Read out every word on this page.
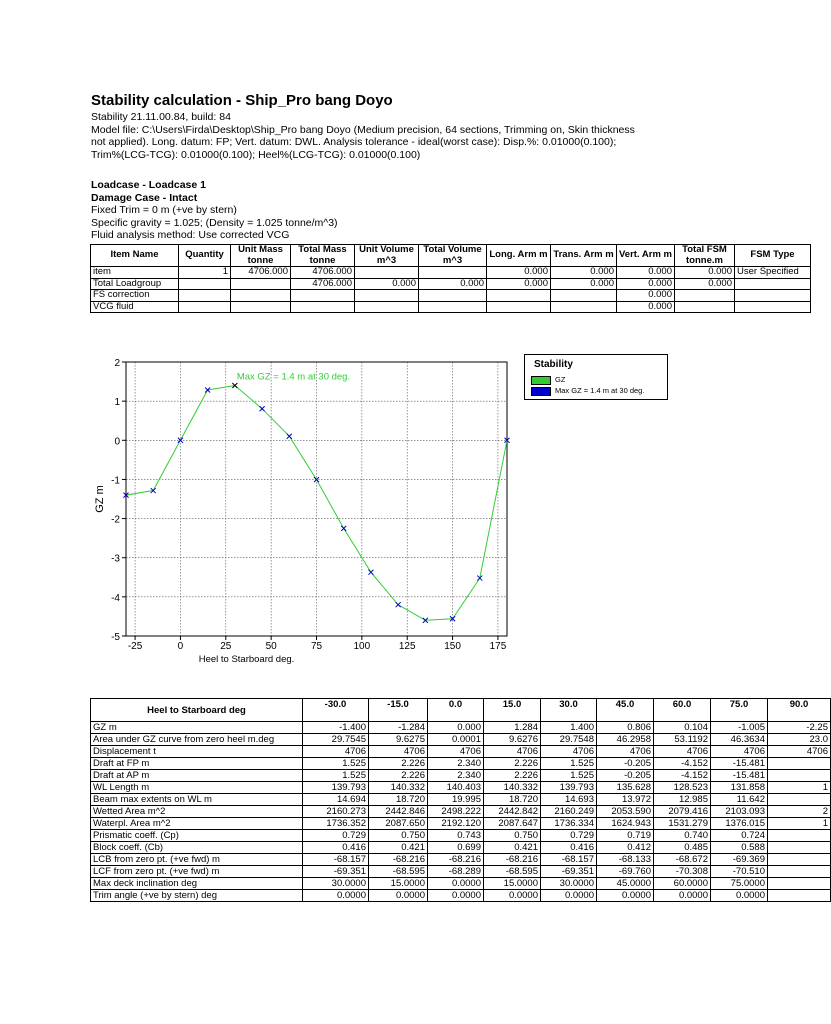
Stability calculation - Ship_Pro bang Doyo
Stability 21.11.00.84, build: 84
Model file: C:\Users\Firda\Desktop\Ship_Pro bang Doyo (Medium precision, 64 sections, Trimming on, Skin thickness
not applied). Long. datum: FP; Vert. datum: DWL. Analysis tolerance - ideal(worst case): Disp.%: 0.01000(0.100);
Trim%(LCG-TCG): 0.01000(0.100); Heel%(LCG-TCG): 0.01000(0.100)
Loadcase - Loadcase 1
Damage Case - Intact
Fixed Trim = 0 m (+ve by stern)
Specific gravity = 1.025; (Density = 1.025 tonne/m^3)
Fluid analysis method: Use corrected VCG
Item Name	Quantity	Unit Mass tonne	Total Mass tonne	Unit Volume m^3	Total Volume m^3	Long. Arm m	Trans. Arm m	Vert. Arm m	Total FSM tonne.m	FSM Type
item	1	4706.000	4706.000			0.000	0.000	0.000	0.000	User Specified
Total Loadgroup			4706.000	0.000	0.000	0.000	0.000	0.000	0.000	
FS correction								0.000		
VCG fluid								0.000		
-25	0	25	50	75	100	125	150	175
2
1
0
-1
-2
-3
-4
-5
Max GZ = 1.4 m at 30 deg.
Heel to Starboard deg.
GZ m
Stability
GZ
Max GZ = 1.4 m at 30 deg.
Heel to Starboard deg	-30.0	-15.0	0.0	15.0	30.0	45.0	60.0	75.0	90.0
GZ m	-1.400	-1.284	0.000	1.284	1.400	0.806	0.104	-1.005	-2.25
Area under GZ curve from zero heel m.deg	29.7545	9.6275	0.0001	9.6276	29.7548	46.2958	53.1192	46.3634	23.0
Displacement t	4706	4706	4706	4706	4706	4706	4706	4706	4706
Draft at FP m	1.525	2.226	2.340	2.226	1.525	-0.205	-4.152	-15.481	
Draft at AP m	1.525	2.226	2.340	2.226	1.525	-0.205	-4.152	-15.481	
WL Length m	139.793	140.332	140.403	140.332	139.793	135.628	128.523	131.858	1
Beam max extents on WL m	14.694	18.720	19.995	18.720	14.693	13.972	12.985	11.642	
Wetted Area m^2	2160.273	2442.846	2498.222	2442.842	2160.249	2053.590	2079.416	2103.093	2
Waterpl. Area m^2	1736.352	2087.650	2192.120	2087.647	1736.334	1624.943	1531.279	1376.015	1
Prismatic coeff. (Cp)	0.729	0.750	0.743	0.750	0.729	0.719	0.740	0.724	
Block coeff. (Cb)	0.416	0.421	0.699	0.421	0.416	0.412	0.485	0.588	
LCB from zero pt. (+ve fwd) m	-68.157	-68.216	-68.216	-68.216	-68.157	-68.133	-68.672	-69.369	
LCF from zero pt. (+ve fwd) m	-69.351	-68.595	-68.289	-68.595	-69.351	-69.760	-70.308	-70.510	
Max deck inclination deg	30.0000	15.0000	0.0000	15.0000	30.0000	45.0000	60.0000	75.0000	
Trim angle (+ve by stern) deg	0.0000	0.0000	0.0000	0.0000	0.0000	0.0000	0.0000	0.0000	
